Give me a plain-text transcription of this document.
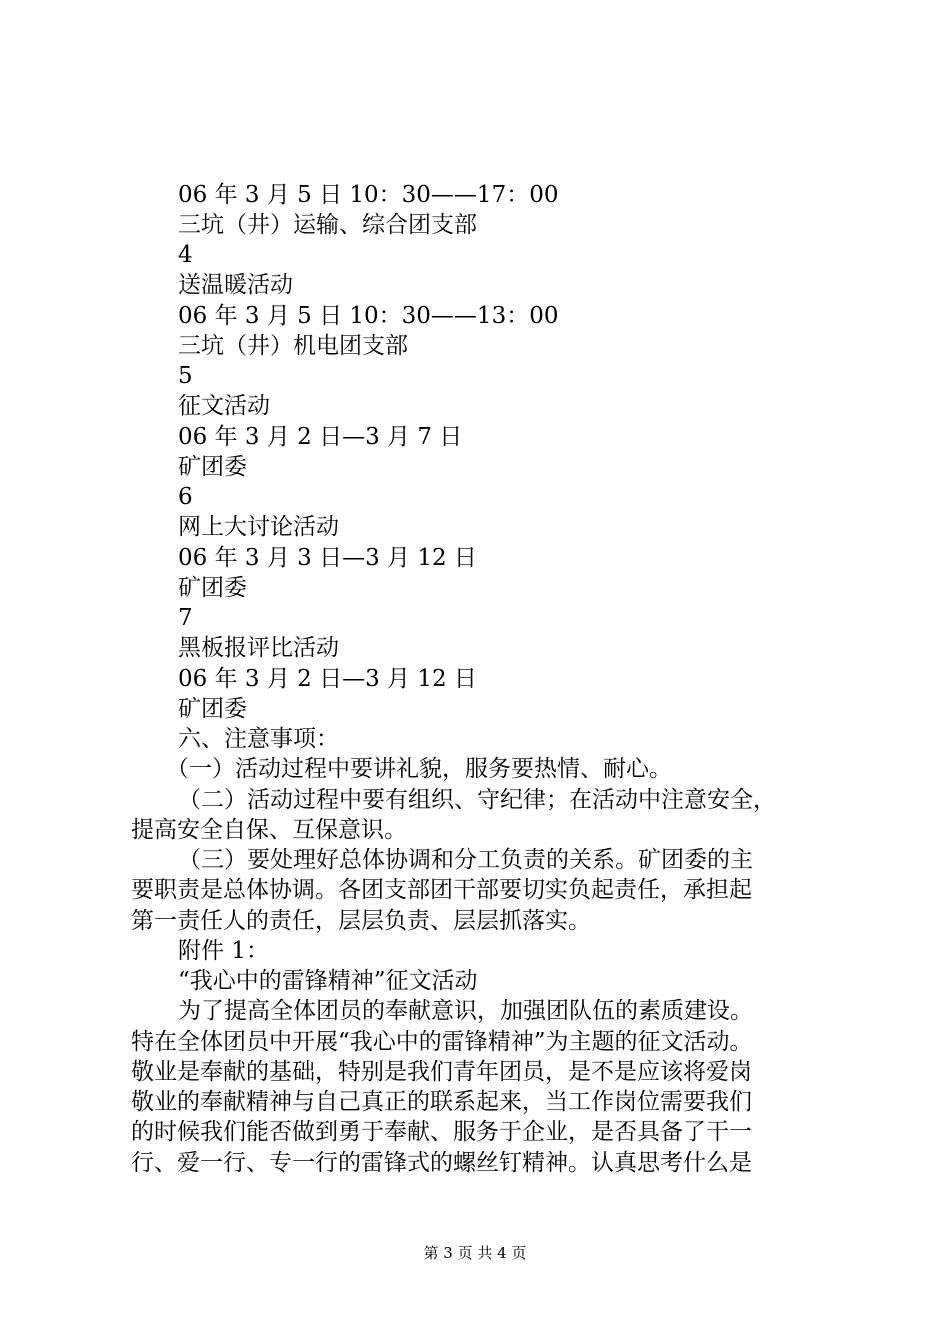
06 年 3 月 5 日 10：30——17：00
三坑（井）运输、综合团支部
4
送温暖活动
06 年 3 月 5 日 10：30——13：00
三坑（井）机电团支部
5
征文活动
06 年 3 月 2 日—3 月 7 日
矿团委
6
网上大讨论活动
06 年 3 月 3 日—3 月 12 日
矿团委
7
黑板报评比活动
06 年 3 月 2 日—3 月 12 日
矿团委
六、注意事项：
（一）活动过程中要讲礼貌，服务要热情、耐心。
（二）活动过程中要有组织、守纪律；在活动中注意安全，
提高安全自保、互保意识。
（三）要处理好总体协调和分工负责的关系。矿团委的主
要职责是总体协调。各团支部团干部要切实负起责任，承担起
第一责任人的责任，层层负责、层层抓落实。
附件 1：
“我心中的雷锋精神”征文活动
为了提高全体团员的奉献意识，加强团队伍的素质建设。
特在全体团员中开展“我心中的雷锋精神”为主题的征文活动。
敬业是奉献的基础，特别是我们青年团员，是不是应该将爱岗
敬业的奉献精神与自己真正的联系起来，当工作岗位需要我们
的时候我们能否做到勇于奉献、服务于企业，是否具备了干一
行、爱一行、专一行的雷锋式的螺丝钉精神。认真思考什么是
第 3 页 共 4 页
